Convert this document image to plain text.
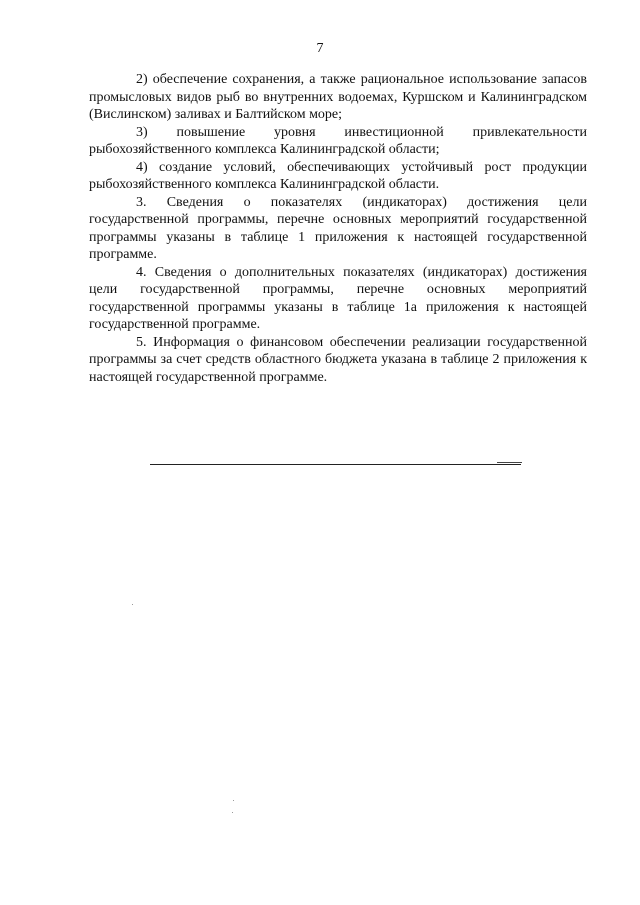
7

2) обеспечение сохранения, а также рациональное использование запасов промысловых видов рыб во внутренних водоемах, Куршском и Калининградском (Вислинском) заливах и Балтийском море;

3) повышение уровня инвестиционной привлекательности рыбохозяйственного комплекса Калининградской области;

4) создание условий, обеспечивающих устойчивый рост продукции рыбохозяйственного комплекса Калининградской области.

3. Сведения о показателях (индикаторах) достижения цели государственной программы, перечне основных мероприятий государственной программы указаны в таблице 1 приложения к настоящей государственной программе.

4. Сведения о дополнительных показателях (индикаторах) достижения цели государственной программы, перечне основных мероприятий государственной программы указаны в таблице 1а приложения к настоящей государственной программе.

5. Информация о финансовом обеспечении реализации государственной программы за счет средств областного бюджета указана в таблице 2 приложения к настоящей государственной программе.
